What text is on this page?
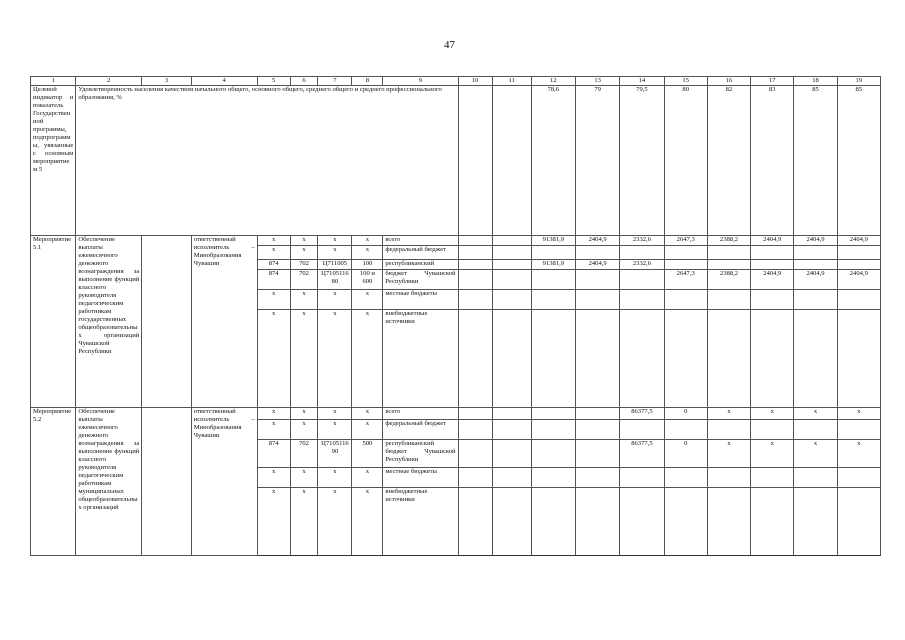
47
1	2	3	4	5	6	7	8	9	10	11	12	13	14	15	16	17	18	19
Целевой индикатор и показатель Государственной программы, подпрограммы, увязанные с основным мероприятием 5	Удовлетворенность населения качеством начального общего, основного общего, среднего общего и среднего профессионального образования, %										78,6	79	79,5	80	82	83	85	85
Мероприятие 5.1	Обеспечение выплаты ежемесячного денежного вознаграждения за выполнение функций классного руководителя педагогическим работникам государственных общеобразовательных организаций Чувашской Республики		ответственный исполнитель – Минобразования Чувашии	х	х	х	х	всего			91381,9	2404,9	2332,6	2647,3	2388,2	2404,9	2404,9	2404,9
				х	х	х	х	федеральный бюджет										
				874	702	Ц711005	100	республиканский			91381,9	2404,9	2332,6					
				874	702	Ц710511680	100 и 600	бюджет Чувашской Республики						2647,3	2388,2	2404,9	2404,9	2404,9
				х	х	х	х	местные бюджеты										
				х	х	х	х	внебюджетные источники										
Мероприятие 5.2	Обеспечение выплаты ежемесячного денежного вознаграждения за выполнение функций классного руководителя педагогическим работникам муниципальных общеобразовательных организаций		ответственный исполнитель – Минобразования Чувашии	х	х	х	х	всего					86377,5	0	х	х	х	х
				х	х	х	х	федеральный бюджет										
				874	702	Ц710511690	500	республиканский бюджет Чувашской Республики					86377,5	0	х	х	х	х
				х	х	х	х	местные бюджеты										
				х	х	х	х	внебюджетные источники										
